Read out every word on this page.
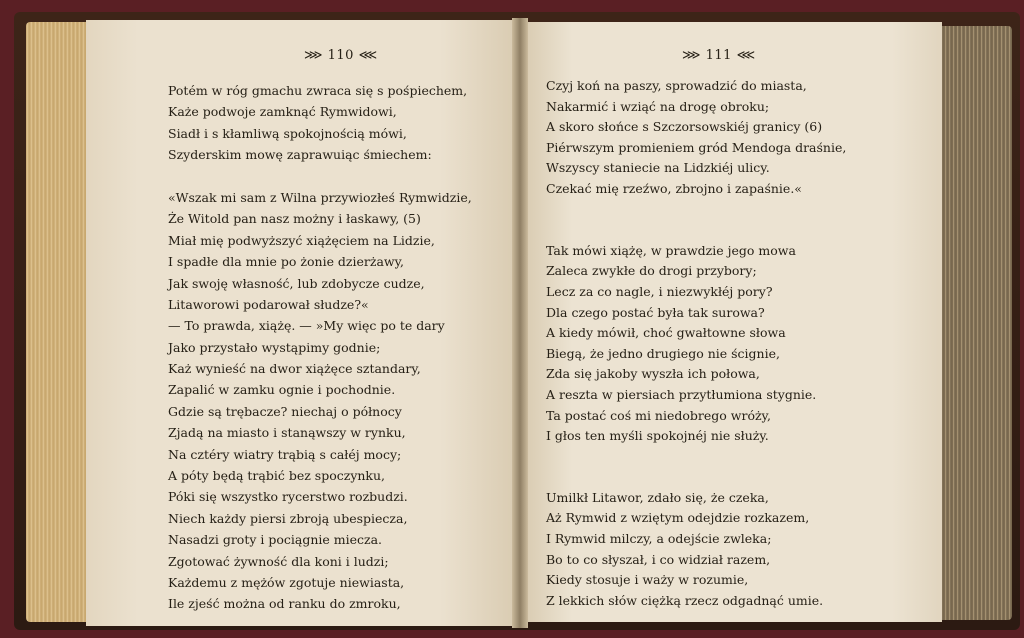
⋙ 110 ⋘
Potém w róg gmachu zwraca się s pośpiechem,
Każe podwoje zamknąć Rymwidowi,
Siadł i s kłamliwą spokojnością mówi,
Szyderskim mowę zaprawuiąc śmiechem:
«Wszak mi sam z Wilna przywiozłeś Rymwidzie,
Że Witold pan nasz możny i łaskawy, (5)
Miał mię podwyższyć xiążęciem na Lidzie,
I spadłe dla mnie po żonie dzierżawy,
Jak swoję własność, lub zdobycze cudze,
Litaworowi podarował słudze?«
— To prawda, xiążę. — »My więc po te dary
Jako przystało wystąpimy godnie;
Każ wynieść na dwor xiążęce sztandary,
Zapalić w zamku ognie i pochodnie.
Gdzie są trębacze? niechaj o północy
Zjadą na miasto i stanąwszy w rynku,
Na cztéry wiatry trąbią s całéj mocy;
A póty będą trąbić bez spoczynku,
Póki się wszystko rycerstwo rozbudzi.
Niech każdy piersi zbroją ubespiecza,
Nasadzi groty i pociągnie miecza.
Zgotować żywność dla koni i ludzi;
Każdemu z mężów zgotuje niewiasta,
Ile zjeść można od ranku do zmroku,
⋙ 111 ⋘
Czyj koń na paszy, sprowadzić do miasta,
Nakarmić i wziąć na drogę obroku;
A skoro słońce s Szczorsowskiéj granicy (6)
Piérwszym promieniem gród Mendoga draśnie,
Wszyscy staniecie na Lidzkiéj ulicy.
Czekać mię rzeźwo, zbrojno i zapaśnie.«
Tak mówi xiążę, w prawdzie jego mowa
Zaleca zwykłe do drogi przybory;
Lecz za co nagle, i niezwykłéj pory?
Dla czego postać była tak surowa?
A kiedy mówił, choć gwałtowne słowa
Biegą, że jedno drugiego nie ścignie,
Zda się jakoby wyszła ich połowa,
A reszta w piersiach przytłumiona stygnie.
Ta postać coś mi niedobrego wróży,
I głos ten myśli spokojnéj nie służy.
Umilkł Litawor, zdało się, że czeka,
Aż Rymwid z wziętym odejdzie rozkazem,
I Rymwid milczy, a odejście zwleka;
Bo to co słyszał, i co widział razem,
Kiedy stosuje i waży w rozumie,
Z lekkich słów ciężką rzecz odgadnąć umie.
